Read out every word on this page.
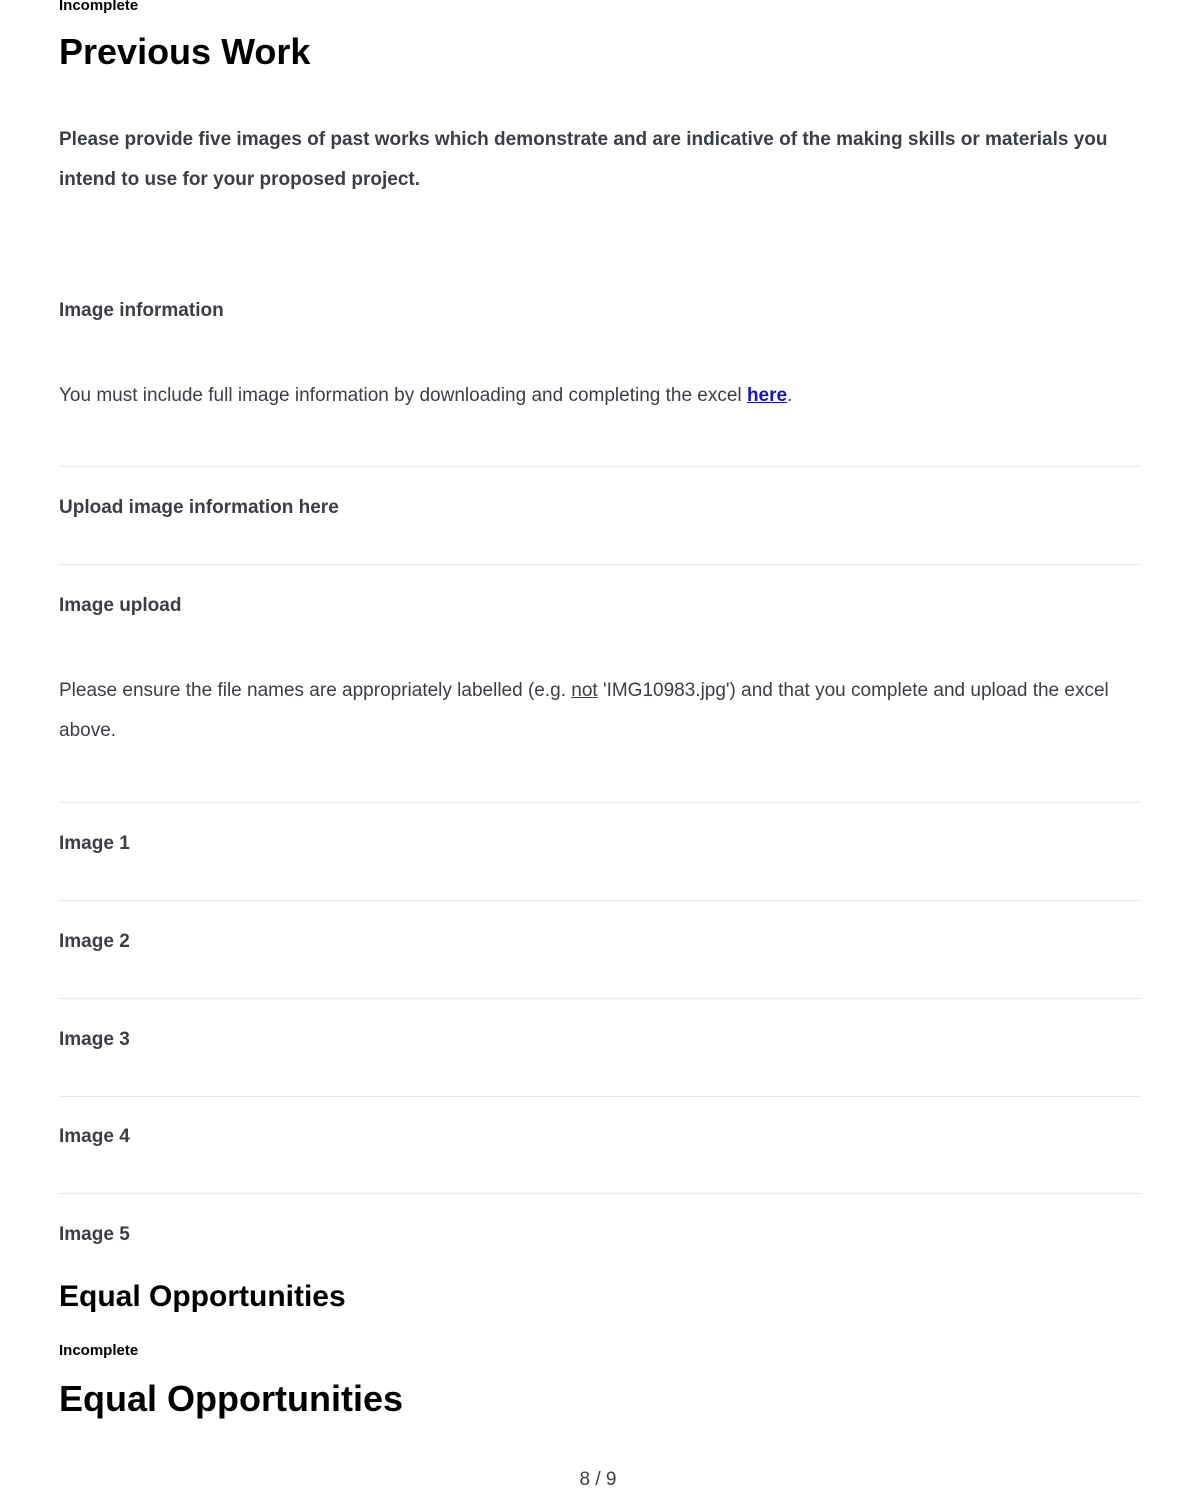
Incomplete
Previous Work
Please provide five images of past works which demonstrate and are indicative of the making skills or materials you intend to use for your proposed project.
Image information
You must include full image information by downloading and completing the excel here.
Upload image information here
Image upload
Please ensure the file names are appropriately labelled (e.g. not 'IMG10983.jpg') and that you complete and upload the excel above.
Image 1
Image 2
Image 3
Image 4
Image 5
Equal Opportunities
Incomplete
Equal Opportunities
8 / 9
